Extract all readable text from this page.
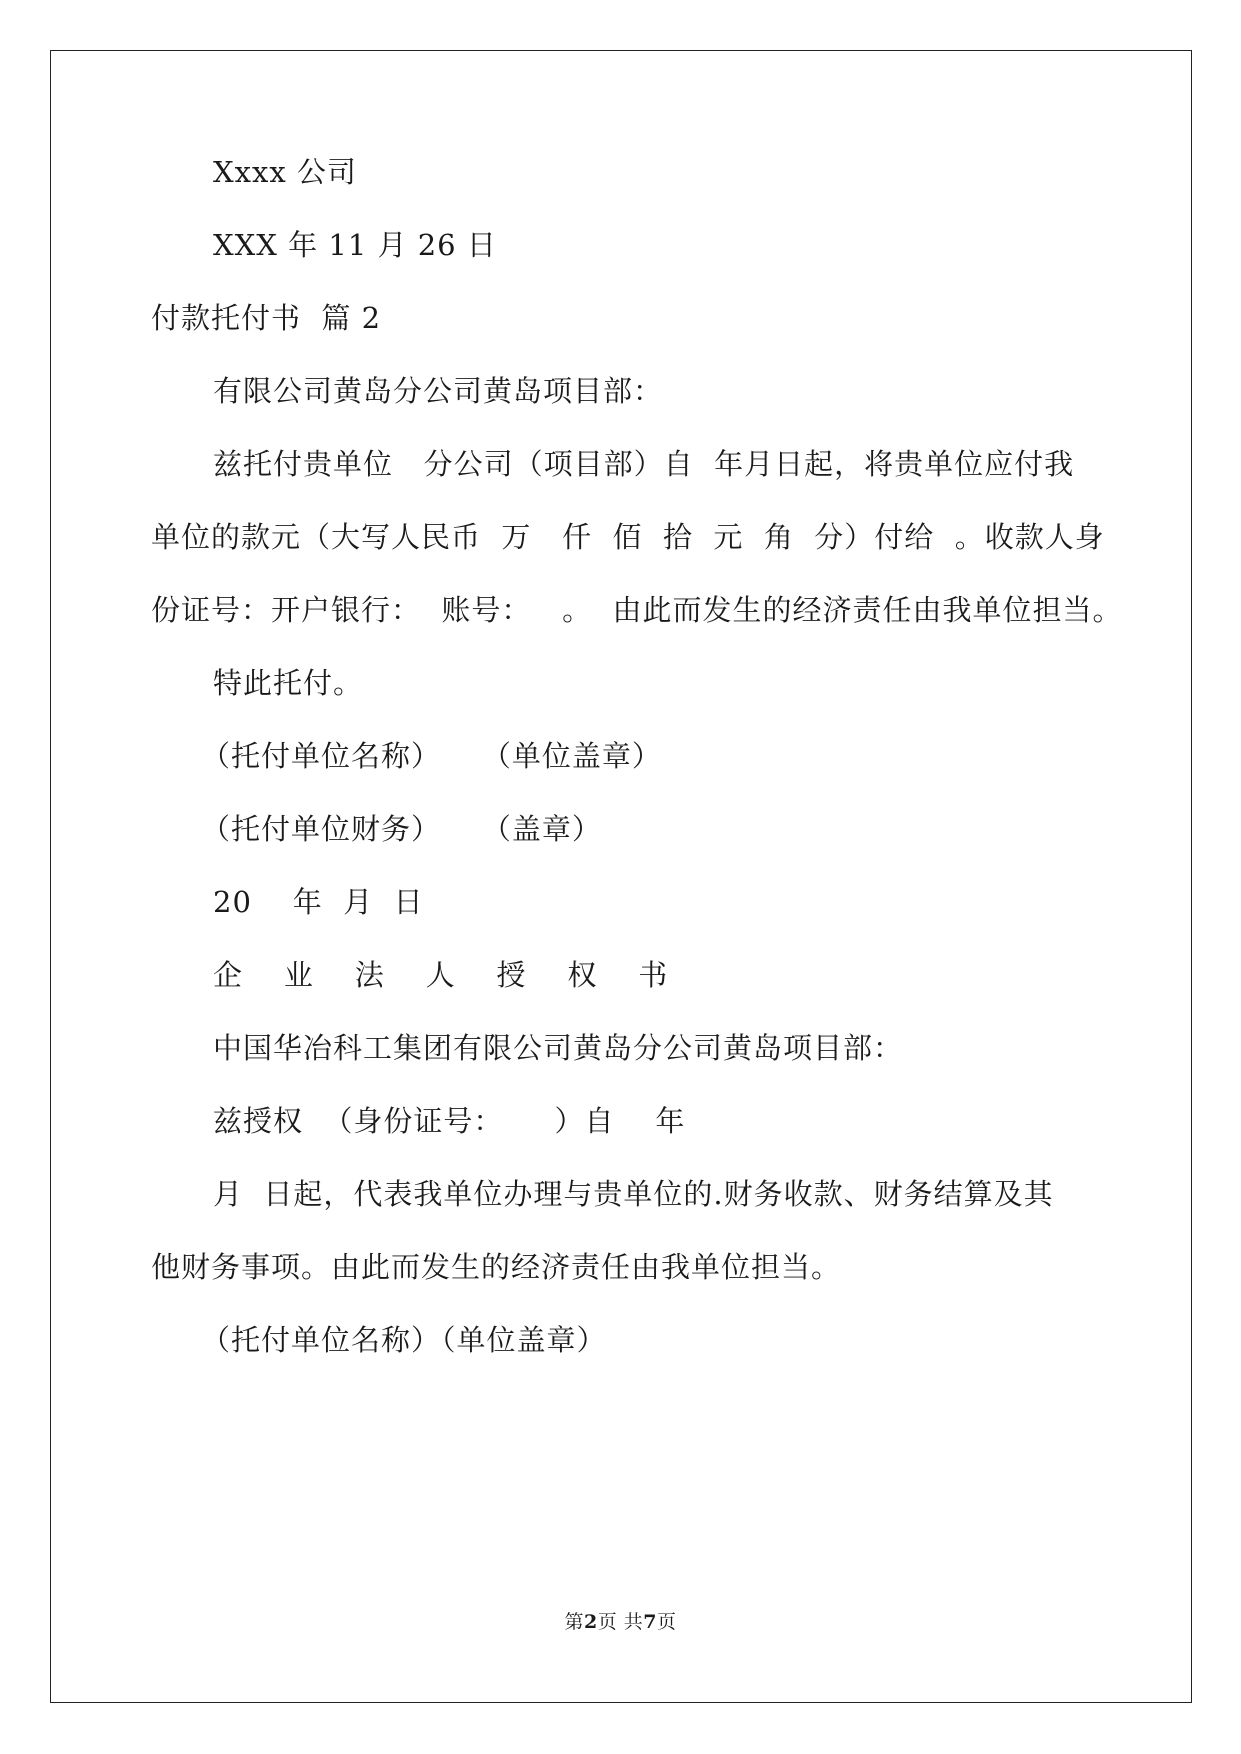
Xxxx 公司
XXX 年 11 月 26 日
付款托付书  篇 2
有限公司黄岛分公司黄岛项目部：
兹托付贵单位   分公司（项目部）自  年月日起，将贵单位应付我
单位的款元（大写人民币  万   仟  佰  拾  元  角  分）付给  。收款人身
份证号：开户银行：  账号：   。  由此而发生的经济责任由我单位担当。
特此托付。
（托付单位名称）    （单位盖章）
（托付单位财务）    （盖章）
20    年  月  日
企    业    法    人    授    权    书
中国华冶科工集团有限公司黄岛分公司黄岛项目部：
兹授权  （身份证号：     ）自    年
月  日起，代表我单位办理与贵单位的.财务收款、财务结算及其
他财务事项。由此而发生的经济责任由我单位担当。
（托付单位名称）（单位盖章）
第2页 共7页
